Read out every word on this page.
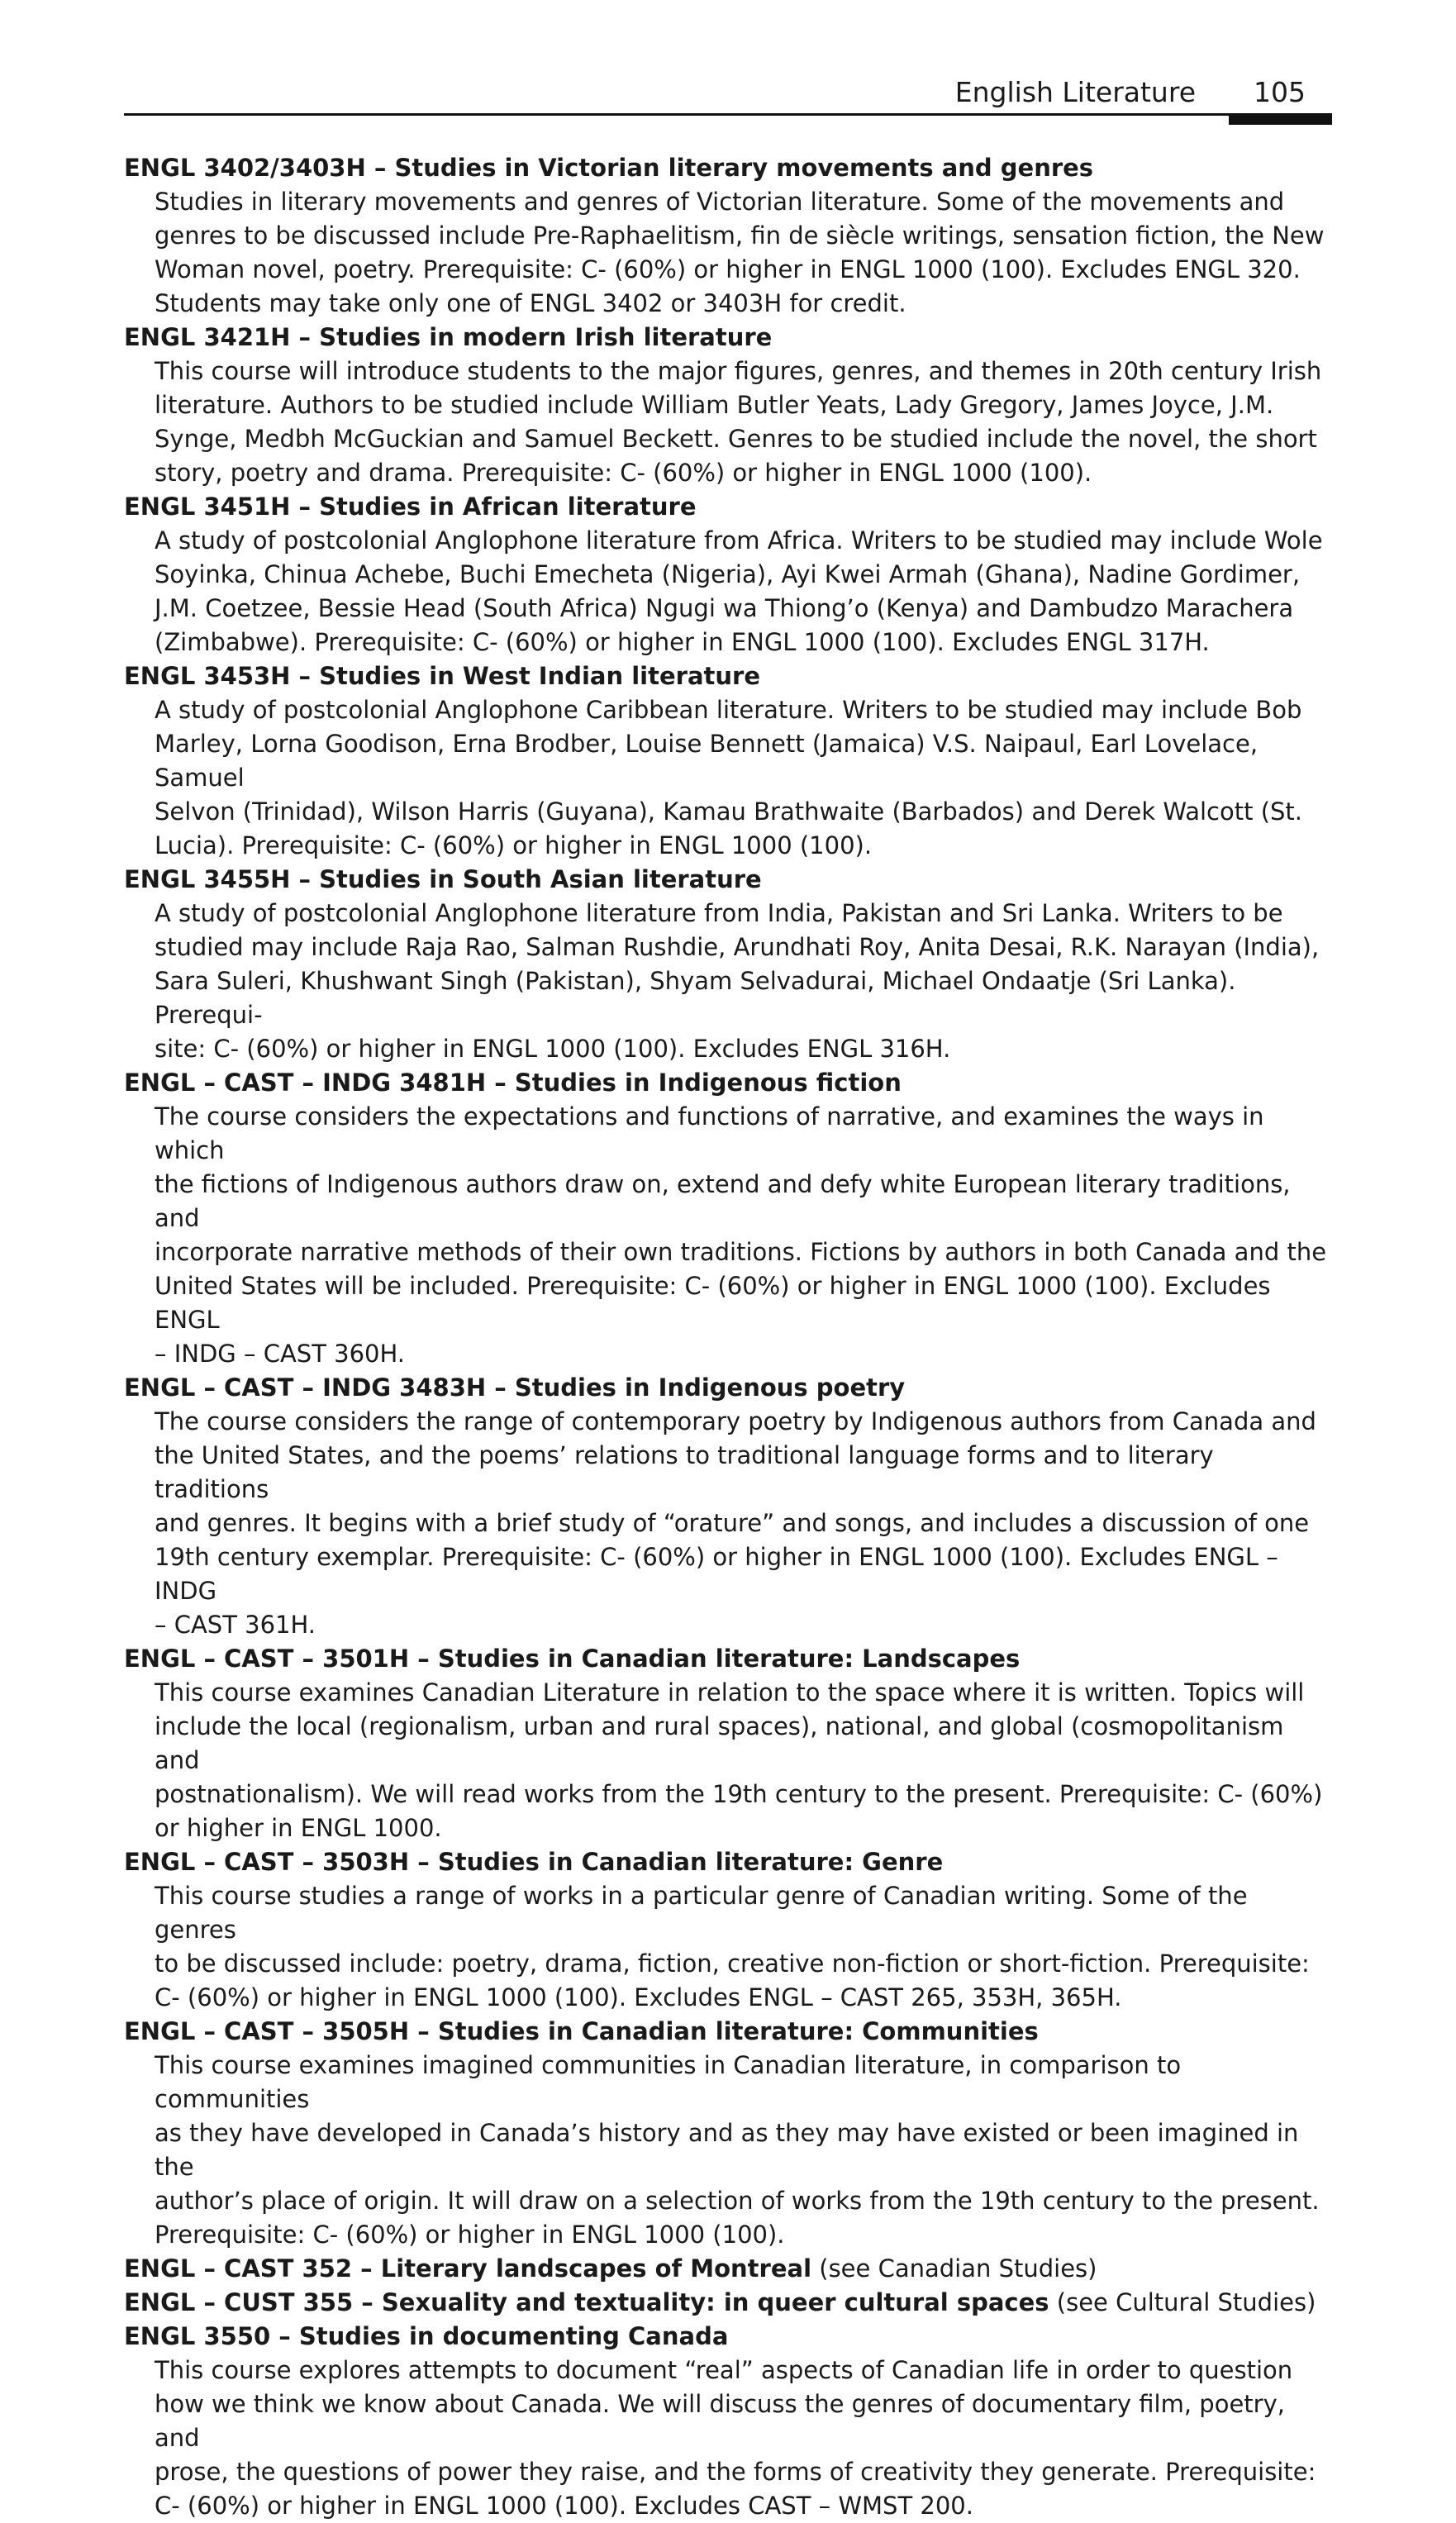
English Literature 105
ENGL 3402/3403H – Studies in Victorian literary movements and genres
Studies in literary movements and genres of Victorian literature. Some of the movements and
genres to be discussed include Pre-Raphaelitism, fin de siècle writings, sensation fiction, the New
Woman novel, poetry. Prerequisite: C- (60%) or higher in ENGL 1000 (100). Excludes ENGL 320.
Students may take only one of ENGL 3402 or 3403H for credit.
ENGL 3421H – Studies in modern Irish literature
This course will introduce students to the major figures, genres, and themes in 20th century Irish
literature. Authors to be studied include William Butler Yeats, Lady Gregory, James Joyce, J.M.
Synge, Medbh McGuckian and Samuel Beckett. Genres to be studied include the novel, the short
story, poetry and drama. Prerequisite: C- (60%) or higher in ENGL 1000 (100).
ENGL 3451H – Studies in African literature
A study of postcolonial Anglophone literature from Africa. Writers to be studied may include Wole
Soyinka, Chinua Achebe, Buchi Emecheta (Nigeria), Ayi Kwei Armah (Ghana), Nadine Gordimer,
J.M. Coetzee, Bessie Head (South Africa) Ngugi wa Thiong’o (Kenya) and Dambudzo Marachera
(Zimbabwe). Prerequisite: C- (60%) or higher in ENGL 1000 (100). Excludes ENGL 317H.
ENGL 3453H – Studies in West Indian literature
A study of postcolonial Anglophone Caribbean literature. Writers to be studied may include Bob
Marley, Lorna Goodison, Erna Brodber, Louise Bennett (Jamaica) V.S. Naipaul, Earl Lovelace, Samuel
Selvon (Trinidad), Wilson Harris (Guyana), Kamau Brathwaite (Barbados) and Derek Walcott (St.
Lucia). Prerequisite: C- (60%) or higher in ENGL 1000 (100).
ENGL 3455H – Studies in South Asian literature
A study of postcolonial Anglophone literature from India, Pakistan and Sri Lanka. Writers to be
studied may include Raja Rao, Salman Rushdie, Arundhati Roy, Anita Desai, R.K. Narayan (India),
Sara Suleri, Khushwant Singh (Pakistan), Shyam Selvadurai, Michael Ondaatje (Sri Lanka). Prerequi-
site: C- (60%) or higher in ENGL 1000 (100). Excludes ENGL 316H.
ENGL – CAST – INDG 3481H – Studies in Indigenous fiction
The course considers the expectations and functions of narrative, and examines the ways in which
the fictions of Indigenous authors draw on, extend and defy white European literary traditions, and
incorporate narrative methods of their own traditions. Fictions by authors in both Canada and the
United States will be included. Prerequisite: C- (60%) or higher in ENGL 1000 (100). Excludes ENGL
– INDG – CAST 360H.
ENGL – CAST – INDG 3483H – Studies in Indigenous poetry
The course considers the range of contemporary poetry by Indigenous authors from Canada and
the United States, and the poems’ relations to traditional language forms and to literary traditions
and genres. It begins with a brief study of “orature” and songs, and includes a discussion of one
19th century exemplar. Prerequisite: C- (60%) or higher in ENGL 1000 (100). Excludes ENGL – INDG
– CAST 361H.
ENGL – CAST – 3501H – Studies in Canadian literature: Landscapes
This course examines Canadian Literature in relation to the space where it is written. Topics will
include the local (regionalism, urban and rural spaces), national, and global (cosmopolitanism and
postnationalism). We will read works from the 19th century to the present. Prerequisite: C- (60%)
or higher in ENGL 1000.
ENGL – CAST – 3503H – Studies in Canadian literature: Genre
This course studies a range of works in a particular genre of Canadian writing. Some of the genres
to be discussed include: poetry, drama, fiction, creative non-fiction or short-fiction. Prerequisite:
C- (60%) or higher in ENGL 1000 (100). Excludes ENGL – CAST 265, 353H, 365H.
ENGL – CAST – 3505H – Studies in Canadian literature: Communities
This course examines imagined communities in Canadian literature, in comparison to communities
as they have developed in Canada’s history and as they may have existed or been imagined in the
author’s place of origin. It will draw on a selection of works from the 19th century to the present.
Prerequisite: C- (60%) or higher in ENGL 1000 (100).
ENGL – CAST 352 – Literary landscapes of Montreal (see Canadian Studies)
ENGL – CUST 355 – Sexuality and textuality: in queer cultural spaces (see Cultural Studies)
ENGL 3550 – Studies in documenting Canada
This course explores attempts to document “real” aspects of Canadian life in order to question
how we think we know about Canada. We will discuss the genres of documentary film, poetry, and
prose, the questions of power they raise, and the forms of creativity they generate. Prerequisite:
C- (60%) or higher in ENGL 1000 (100). Excludes CAST – WMST 200.
